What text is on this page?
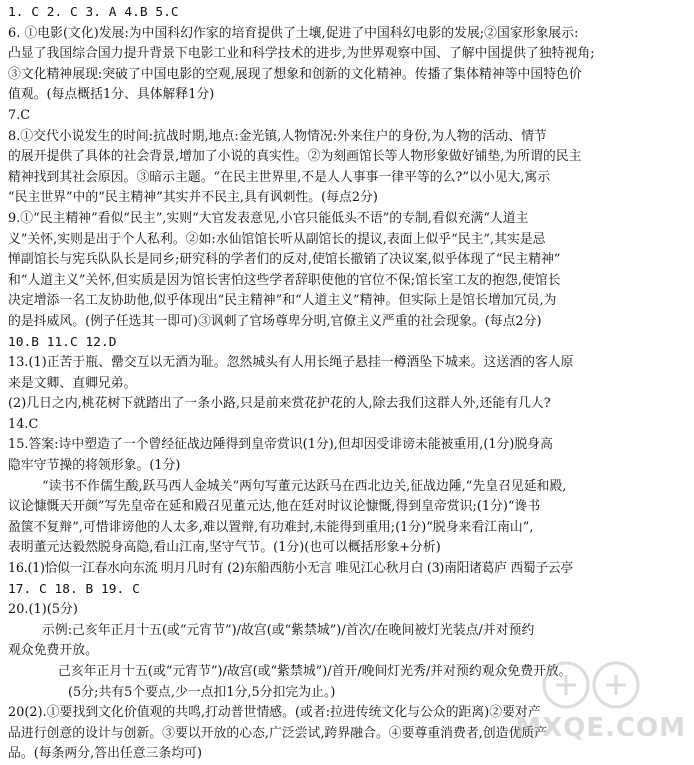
1. C 2. C 3. A 4.B 5.C
6. ①电影(文化)发展:为中国科幻作家的培育提供了土壤,促进了中国科幻电影的发展;②国家形象展示:
凸显了我国综合国力提升背景下电影工业和科学技术的进步,为世界观察中国、了解中国提供了独特视角;
③文化精神展现:突破了中国电影的空观,展现了想象和创新的文化精神。传播了集体精神等中国特色价
值观。(每点概括1分、具体解释1分)
7.C
8.①交代小说发生的时间:抗战时期,地点:金光镇,人物情况:外来住户的身份,为人物的活动、情节
的展开提供了具体的社会背景,增加了小说的真实性。②为刻画馆长等人物形象做好铺垫,为所谓的民主
精神找到其社会原因。③暗示主题。“在民主世界里,不是人人事事一律平等的么?”以小见大,寓示
“民主世界”中的“民主精神”其实并不民主,具有讽刺性。(每点2分)
9.①“民主精神”看似“民主”,实则“大官发表意见,小官只能低头不语”的专制,看似充满“人道主
义”关怀,实则是出于个人私利。②如:水仙馆馆长听从副馆长的提议,表面上似乎“民主”,其实是忌
惮副馆长与宪兵队队长是同乡;研究科的学者们的反对,使馆长撤销了决议案,似乎体现了“民主精神”
和“人道主义”关怀,但实质是因为馆长害怕这些学者辞职使他的官位不保;馆长室工友的抱怨,使馆长
决定增添一名工友协助他,似乎体现出“民主精神”和“人道主义”精神。但实际上是馆长增加冗员,为
的是抖威风。(例子任选其一即可)③讽刺了官场尊卑分明,官僚主义严重的社会现象。(每点2分)
10.B 11.C 12.D
13.(1)正苦于瓶、罍交互以无酒为耻。忽然城头有人用长绳子悬挂一樽酒坠下城来。这送酒的客人原
来是文卿、直卿兄弟。
(2)几日之内,桃花树下就踏出了一条小路,只是前来赏花护花的人,除去我们这群人外,还能有几人?
14.C
15.答案:诗中塑造了一个曾经征战边陲得到皇帝赏识(1分),但却因受诽谤未能被重用,(1分)脱身高
隐牢守节操的将领形象。(1分)
“读书不作儒生酸,跃马西人金城关”两句写董元达跃马在西北边关,征战边陲,“先皇召见延和殿,
议论慷慨天开颜”写先皇帝在延和殿召见董元达,他在廷对时议论慷慨,得到皇帝赏识;(1分)“谗书
盈箧不复辩”,可惜诽谤他的人太多,难以置辩,有功难封,未能得到重用;(1分)“脱身来看江南山”,
表明董元达毅然脱身高隐,看山江南,坚守气节。(1分)(也可以概括形象+分析)
16.(1)恰似一江春水向东流 明月几时有 (2)东船西舫小无言 唯见江心秋月白 (3)南阳诸葛庐 西蜀子云亭
17. C 18. B 19. C
20.(1)(5分)
示例:己亥年正月十五(或“元宵节”)/故宫(或“紫禁城”)/首次/在晚间被灯光装点/并对预约
观众免费开放。
己亥年正月十五(或“元宵节”)/故宫(或“紫禁城”)/首开/晚间灯光秀/并对预约观众免费开放。
(5分;共有5个要点,少一点扣1分,5分扣完为止。)
20(2).①要找到文化价值观的共鸣,打动普世情感。(或者:拉进传统文化与公众的距离)②要对产
品进行创意的设计与创新。③要以开放的心态,广泛尝试,跨界融合。④要尊重消费者,创造优质产
品。(每条两分,答出任意三条均可)
MXQE.COM
